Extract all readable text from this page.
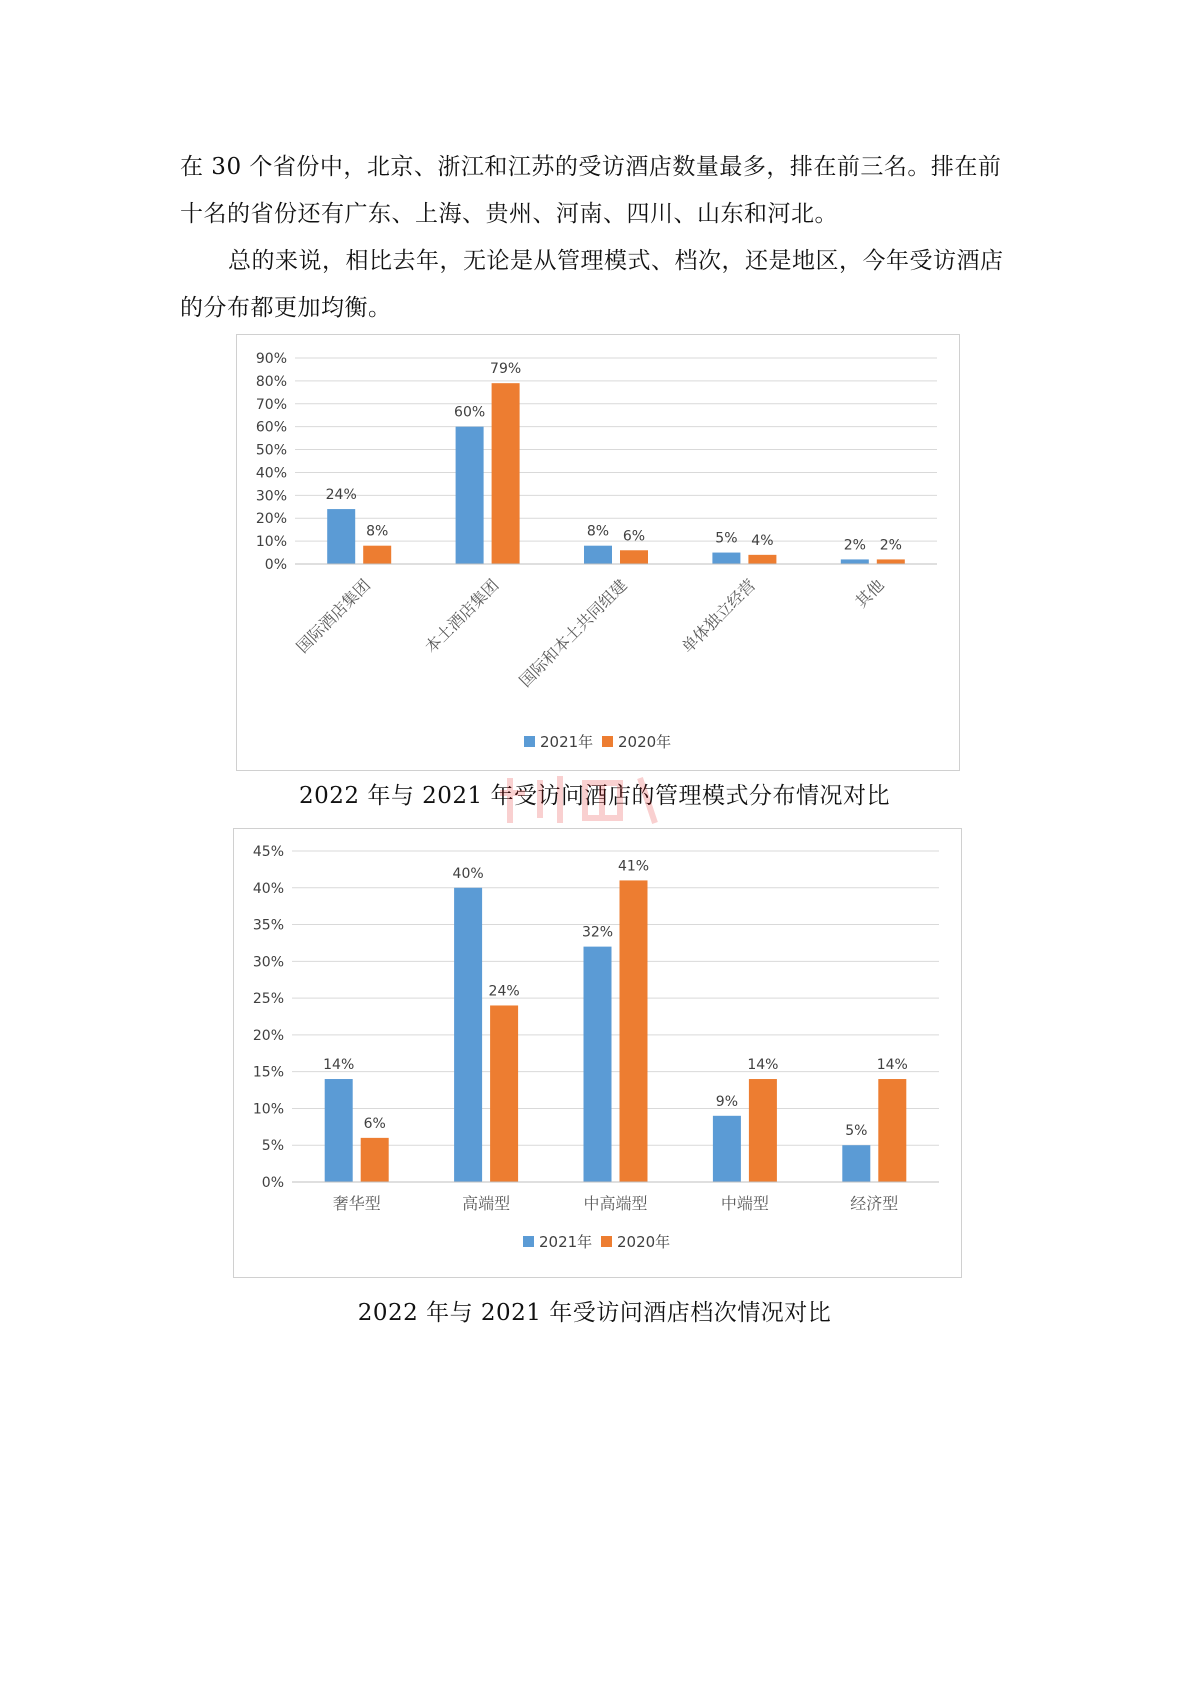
在 30 个省份中，北京、浙江和江苏的受访酒店数量最多，排在前三名。排在前十名的省份还有广东、上海、贵州、河南、四川、山东和河北。

总的来说，相比去年，无论是从管理模式、档次，还是地区，今年受访酒店的分布都更加均衡。

0%
10%
20%
30%
40%
50%
60%
70%
80%
90%
24%
8%
国际酒店集团
60%
79%
本土酒店集团
8% 6%
国际和本土共同组建
5% 4%
单体独立经营
2% 2%
其他
2021年 2020年
2022 年与 2021 年受访问酒店的管理模式分布情况对比
0%
5%
10%
15%
20%
25%
30%
35%
40%
45%
14%
6%
奢华型
40%
24%
高端型
32%
41%
中高端型
9%
14%
中端型
5%
14%
经济型
2021年 2020年
2022 年与 2021 年受访问酒店档次情况对比
